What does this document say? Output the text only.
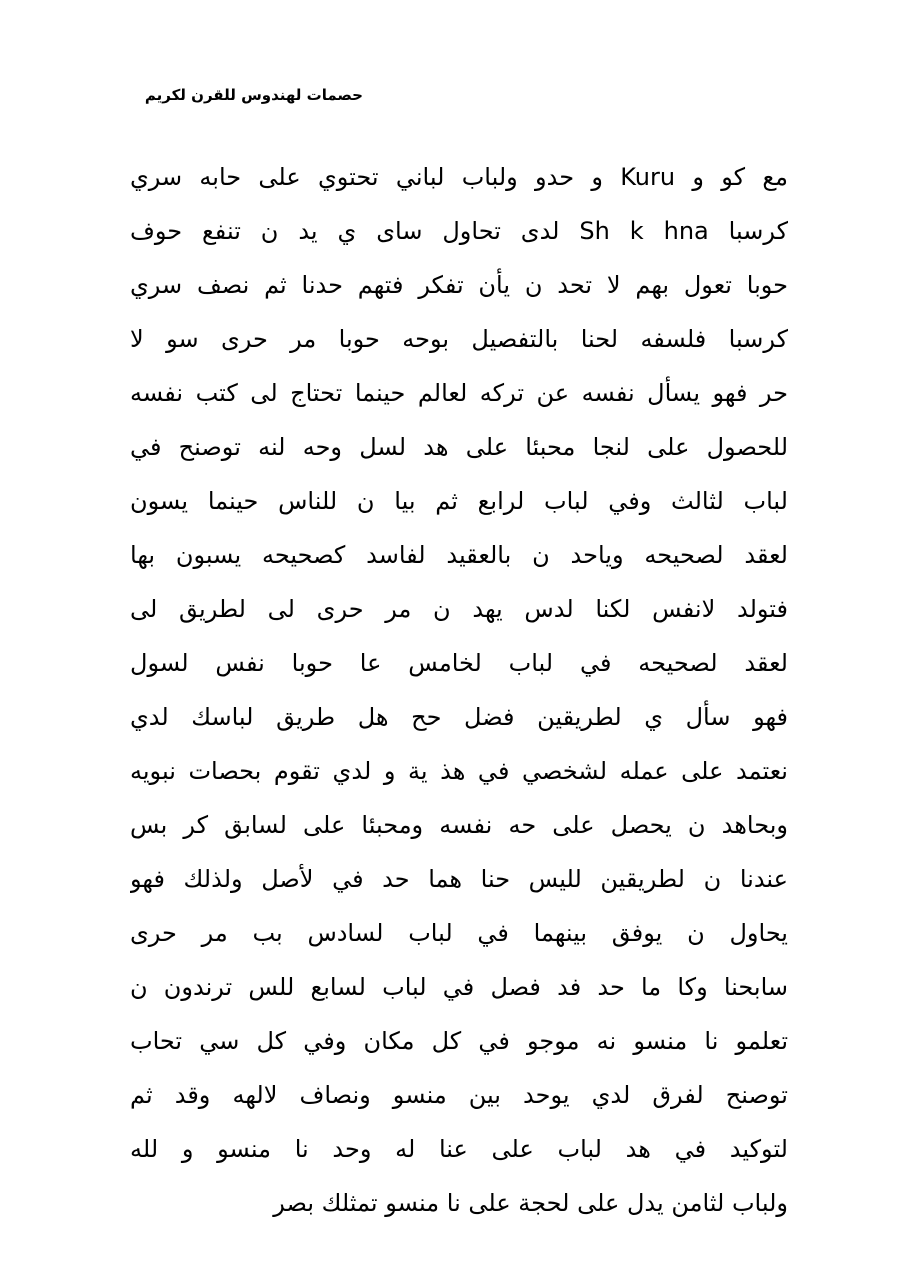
حصمات لهندوس للقرن لكريم
مع كو و Kuru و حدو ولباب لباني تحتوي على حابه سري
كرسبا Sh k hna لدى تحاول ساى ي يد ن تنفع حوف
حوبا تعول بهم لا تحد ن يأن تفكر فتهم حدنا ثم نصف سري
كرسبا فلسفه لحنا بالتفصيل بوحه حوبا مر حرى سو لا
حر فهو يسأل نفسه عن تركه لعالم حينما تحتاج لى كتب نفسه
للحصول على لنجا محبئا على هد لسل وحه لنه توصنح في
لباب لثالث وفي لباب لرابع ثم بيا ن للناس حينما يسون
لعقد لصحيحه وياحد ن بالعقيد لفاسد كصحيحه يسبون بها
فتولد لانفس لكنا لدس يهد ن مر حرى لى لطريق لى
لعقد لصحيحه في لباب لخامس عا حوبا نفس لسول
فهو سأل ي لطريقين فضل حح هل طريق لباسك لدي
نعتمد على عمله لشخصي في هذ ية و لدي تقوم بحصات نبويه
وبحاهد ن يحصل على حه نفسه ومحبئا على لسابق كر بس
عندنا ن لطريقين لليس حنا هما حد في لأصل ولذلك فهو
يحاول ن يوفق بينهما في لباب لسادس بب مر حرى
سابحنا وكا ما حد فد فصل في لباب لسابع للس ترندون ن
تعلمو نا منسو نه موجو في كل مكان وفي كل سي تحاب
توصنح لفرق لدي يوحد بين منسو ونصاف لالهه وقد ثم
لتوكيد في هد لباب على عنا له وحد نا منسو و لله
ولباب لثامن يدل على لحجة على نا منسو تمثلك بصر
